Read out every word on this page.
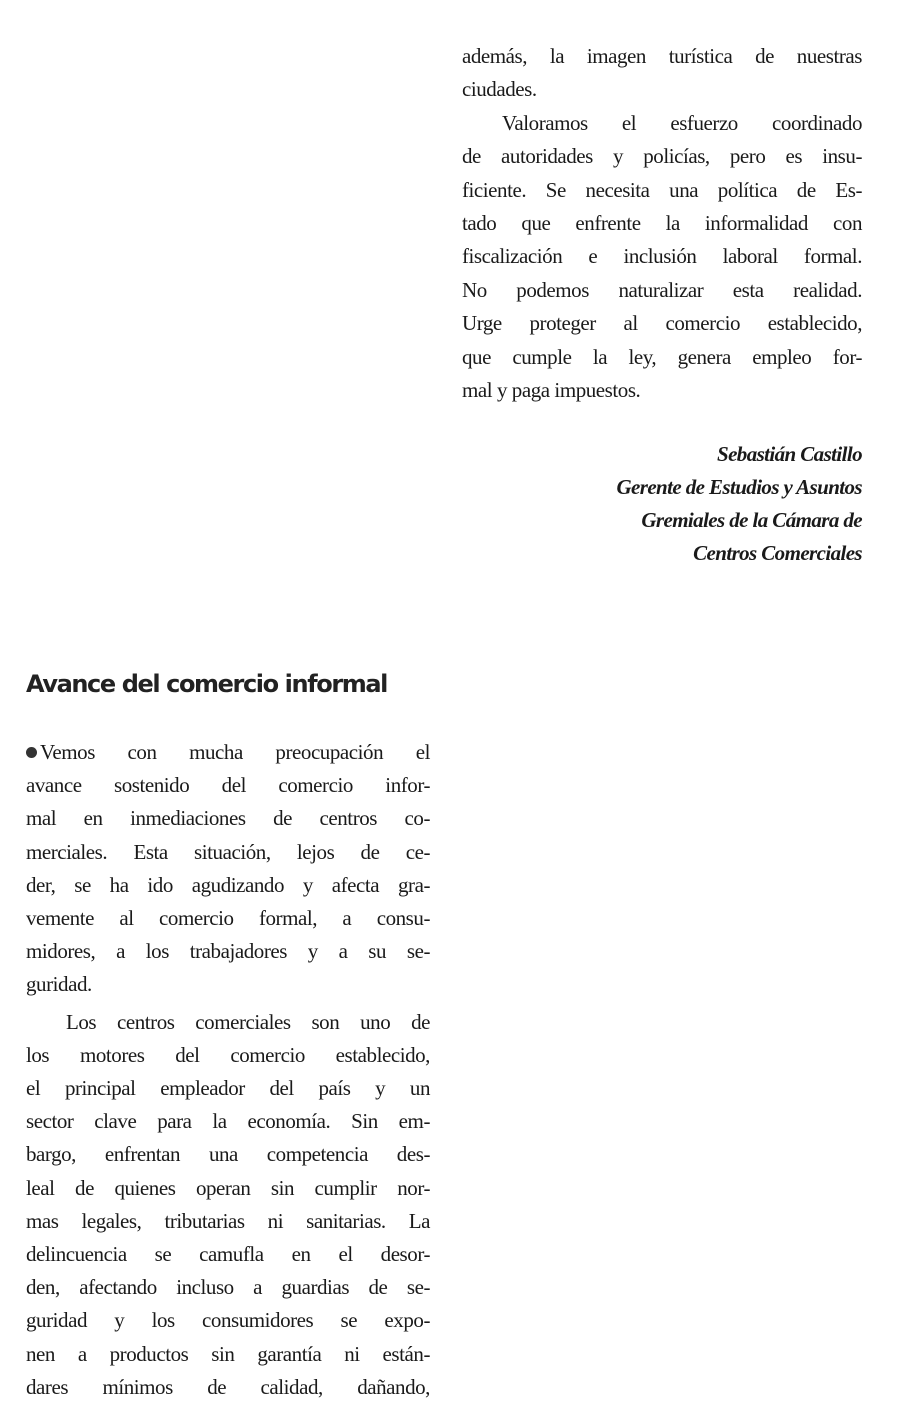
además, la imagen turística de nuestras
ciudades.
Valoramos el esfuerzo coordinado
de autoridades y policías, pero es insu-
ficiente. Se necesita una política de Es-
tado que enfrente la informalidad con
fiscalización e inclusión laboral formal.
No podemos naturalizar esta realidad.
Urge proteger al comercio establecido,
que cumple la ley, genera empleo for-
mal y paga impuestos.
Sebastián Castillo
Gerente de Estudios y Asuntos
Gremiales de la Cámara de
Centros Comerciales
Avance del comercio informal
Vemos con mucha preocupación el
avance sostenido del comercio infor-
mal en inmediaciones de centros co-
merciales. Esta situación, lejos de ce-
der, se ha ido agudizando y afecta gra-
vemente al comercio formal, a consu-
midores, a los trabajadores y a su se-
guridad.
Los centros comerciales son uno de
los motores del comercio establecido,
el principal empleador del país y un
sector clave para la economía. Sin em-
bargo, enfrentan una competencia des-
leal de quienes operan sin cumplir nor-
mas legales, tributarias ni sanitarias. La
delincuencia se camufla en el desor-
den, afectando incluso a guardias de se-
guridad y los consumidores se expo-
nen a productos sin garantía ni están-
dares mínimos de calidad, dañando,
